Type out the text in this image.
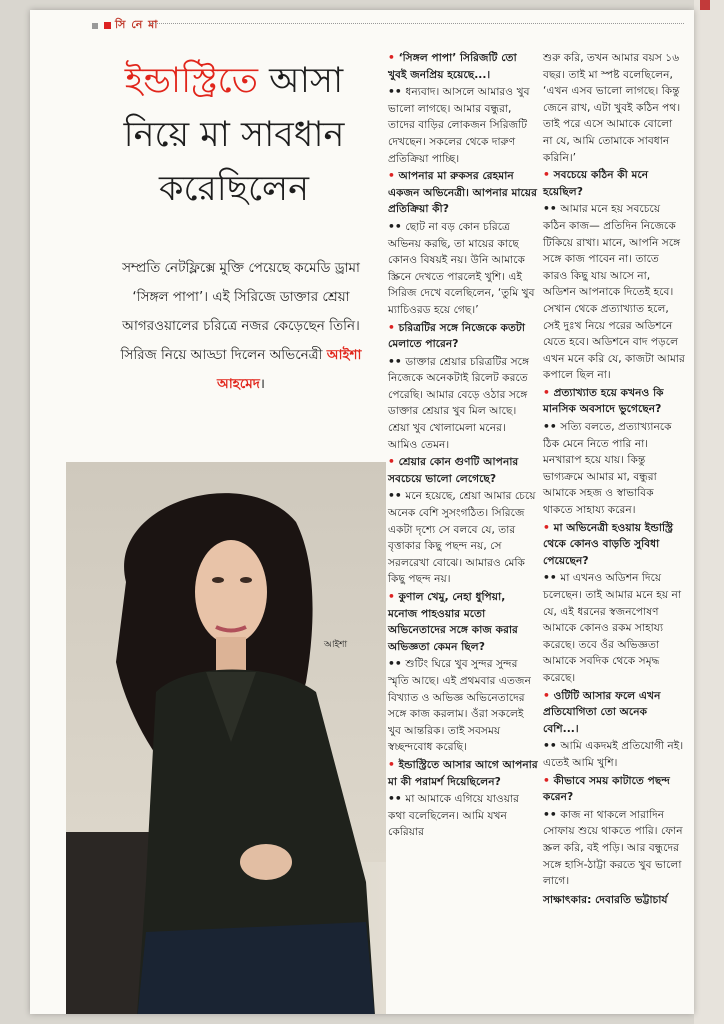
সি নে মা
ইন্ডাস্ট্রিতে আসা
নিয়ে মা সাবধান
করেছিলেন
সম্প্রতি নেটফ্লিক্সে মুক্তি পেয়েছে কমেডি ড্রামা ‘সিঙ্গল পাপা’। এই সিরিজে ডাক্তার শ্রেয়া আগরওয়ালের চরিত্রে নজর কেড়েছেন তিনি। সিরিজ নিয়ে আড্ডা দিলেন অভিনেত্রী আইশা আহমেদ।
আইশা

• ‘সিঙ্গল পাপা’ সিরিজটি তো খুবই জনপ্রিয় হয়েছে...।

•• ধন্যবাদ। আসলে আমারও খুব ভালো লাগছে। আমার বন্ধুরা, তাদের বাড়ির লোকজন সিরিজটি দেখছেন। সকলের থেকে দারুণ প্রতিক্রিয়া পাচ্ছি।

• আপনার মা রুকসর রেহমান একজন অভিনেত্রী। আপনার মায়ের প্রতিক্রিয়া কী?

•• ছোট না বড় কোন চরিত্রে অভিনয় করছি, তা মায়ের কাছে কোনও বিষয়ই নয়। উনি আমাকে স্ক্রিনে দেখতে পারলেই খুশি। এই সিরিজ দেখে বলেছিলেন, ‘তুমি খুব ম্যাচিওরড হয়ে গেছ।’

• চরিত্রটির সঙ্গে নিজেকে কতটা মেলাতে পারেন?

•• ডাক্তার শ্রেয়ার চরিত্রটির সঙ্গে নিজেকে অনেকটাই রিলেট করতে পেরেছি। আমার বেড়ে ওঠার সঙ্গে ডাক্তার শ্রেয়ার খুব মিল আছে। শ্রেয়া খুব খোলামেলা মনের। আমিও তেমন।

• শ্রেয়ার কোন গুণটি আপনার সবচেয়ে ভালো লেগেছে?

•• মনে হয়েছে, শ্রেয়া আমার চেয়ে অনেক বেশি সুসংগঠিত। সিরিজে একটা দৃশ্যে সে বলবে যে, তার বৃত্তাকার কিছু পছন্দ নয়, সে সরলরেখা বোঝে। আমারও মেকি কিছু পছন্দ নয়।

• কুণাল খেমু, নেহা ধুপিয়া, মনোজ পাহওয়ার মতো অভিনেতাদের সঙ্গে কাজ করার অভিজ্ঞতা কেমন ছিল?

•• শুটিং ঘিরে খুব সুন্দর সুন্দর স্মৃতি আছে। এই প্রথমবার এতজন বিখ্যাত ও অভিজ্ঞ অভিনেতাদের সঙ্গে কাজ করলাম। ওঁরা সকলেই খুব আন্তরিক। তাই সবসময় স্বচ্ছন্দবোধ করেছি।

• ইন্ডাস্ট্রিতে আসার আগে আপনার মা কী পরামর্শ দিয়েছিলেন?

•• মা আমাকে এগিয়ে যাওয়ার কথা বলেছিলেন। আমি যখন কেরিয়ার

শুরু করি, তখন আমার বয়স ১৬ বছর। তাই মা স্পষ্ট বলেছিলেন, ‘এখন এসব ভালো লাগছে। কিন্তু জেনে রাখ, এটা খুবই কঠিন পথ। তাই পরে এসে আমাকে বোলো না যে, আমি তোমাকে সাবধান করিনি।’

• সবচেয়ে কঠিন কী মনে হয়েছিল?

•• আমার মনে হয় সবচেয়ে কঠিন কাজ— প্রতিদিন নিজেকে টিকিয়ে রাখা। মানে, আপনি সঙ্গে সঙ্গে কাজ পাবেন না। তাতে কারও কিছু যায় আসে না, অডিশন আপনাকে দিতেই হবে। সেখান থেকে প্রত্যাখ্যাত হলে, সেই দুঃখ নিয়ে পরের অডিশনে যেতে হবে। অডিশনে বাদ পড়লে এখন মনে করি যে, কাজটা আমার কপালে ছিল না।

• প্রত্যাখ্যাত হয়ে কখনও কি মানসিক অবসাদে ভুগেছেন?

•• সত্যি বলতে, প্রত্যাখ্যানকে ঠিক মেনে নিতে পারি না। মনখারাপ হয়ে যায়। কিন্তু ভাগ্যক্রমে আমার মা, বন্ধুরা আমাকে সহজ ও স্বাভাবিক থাকতে সাহায্য করেন।

• মা অভিনেত্রী হওয়ায় ইন্ডাস্ট্রি থেকে কোনও বাড়তি সুবিধা পেয়েছেন?

•• মা এখনও অডিশন দিয়ে চলেছেন। তাই আমার মনে হয় না যে, এই ধরনের স্বজনপোষণ আমাকে কোনও রকম সাহায্য করেছে। তবে ওঁর অভিজ্ঞতা আমাকে সবদিক থেকে সমৃদ্ধ করেছে।

• ওটিটি আসার ফলে এখন প্রতিযোগিতা তো অনেক বেশি...।

•• আমি একদমই প্রতিযোগী নই। এতেই আমি খুশি।

• কীভাবে সময় কাটাতে পছন্দ করেন?

•• কাজ না থাকলে সারাদিন সোফায় শুয়ে থাকতে পারি। ফোন স্ক্রল করি, বই পড়ি। আর বন্ধুদের সঙ্গে হাসি-ঠাট্টা করতে খুব ভালো লাগে।

সাক্ষাৎকার: দেবারতি ভট্টাচার্য
